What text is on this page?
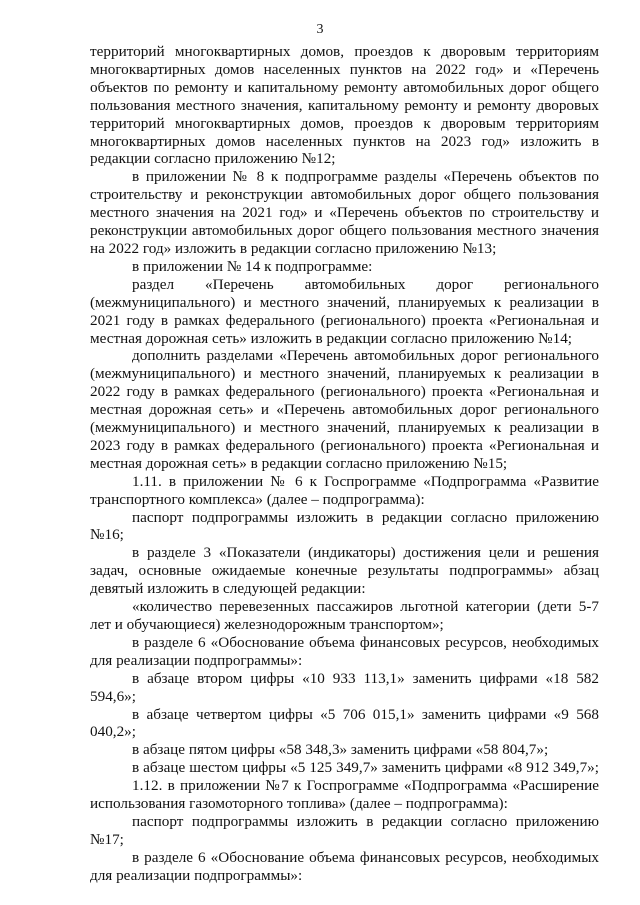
3

территорий многоквартирных домов, проездов к дворовым территориям многоквартирных домов населенных пунктов на 2022 год» и «Перечень объектов по ремонту и капитальному ремонту автомобильных дорог общего пользования местного значения, капитальному ремонту и ремонту дворовых территорий многоквартирных домов, проездов к дворовым территориям многоквартирных домов населенных пунктов на 2023 год» изложить в редакции согласно приложению №12;

в приложении № 8 к подпрограмме разделы «Перечень объектов по строительству и реконструкции автомобильных дорог общего пользования местного значения на 2021 год» и «Перечень объектов по строительству и реконструкции автомобильных дорог общего пользования местного значения на 2022 год» изложить в редакции согласно приложению №13;

в приложении № 14 к подпрограмме:

раздел «Перечень автомобильных дорог регионального (межмуниципального) и местного значений, планируемых к реализации в 2021 году в рамках федерального (регионального) проекта «Региональная и местная дорожная сеть» изложить в редакции согласно приложению №14;

дополнить разделами «Перечень автомобильных дорог регионального (межмуниципального) и местного значений, планируемых к реализации в 2022 году в рамках федерального (регионального) проекта «Региональная и местная дорожная сеть» и «Перечень автомобильных дорог регионального (межмуниципального) и местного значений, планируемых к реализации в 2023 году в рамках федерального (регионального) проекта «Региональная и местная дорожная сеть» в редакции согласно приложению №15;

1.11. в приложении № 6 к Госпрограмме «Подпрограмма «Развитие транспортного комплекса» (далее – подпрограмма):

паспорт подпрограммы изложить в редакции согласно приложению №16;

в разделе 3 «Показатели (индикаторы) достижения цели и решения задач, основные ожидаемые конечные результаты подпрограммы» абзац девятый изложить в следующей редакции:

«количество перевезенных пассажиров льготной категории (дети 5-7 лет и обучающиеся) железнодорожным транспортом»;

в разделе 6 «Обоснование объема финансовых ресурсов, необходимых для реализации подпрограммы»:

в абзаце втором цифры «10 933 113,1» заменить цифрами «18 582 594,6»;

в абзаце четвертом цифры «5 706 015,1» заменить цифрами «9 568 040,2»;

в абзаце пятом цифры «58 348,3» заменить цифрами «58 804,7»;

в абзаце шестом цифры «5 125 349,7» заменить цифрами «8 912 349,7»;

1.12. в приложении №7 к Госпрограмме «Подпрограмма «Расширение использования газомоторного топлива» (далее – подпрограмма):

паспорт подпрограммы изложить в редакции согласно приложению №17;

в разделе 6 «Обоснование объема финансовых ресурсов, необходимых для реализации подпрограммы»:
